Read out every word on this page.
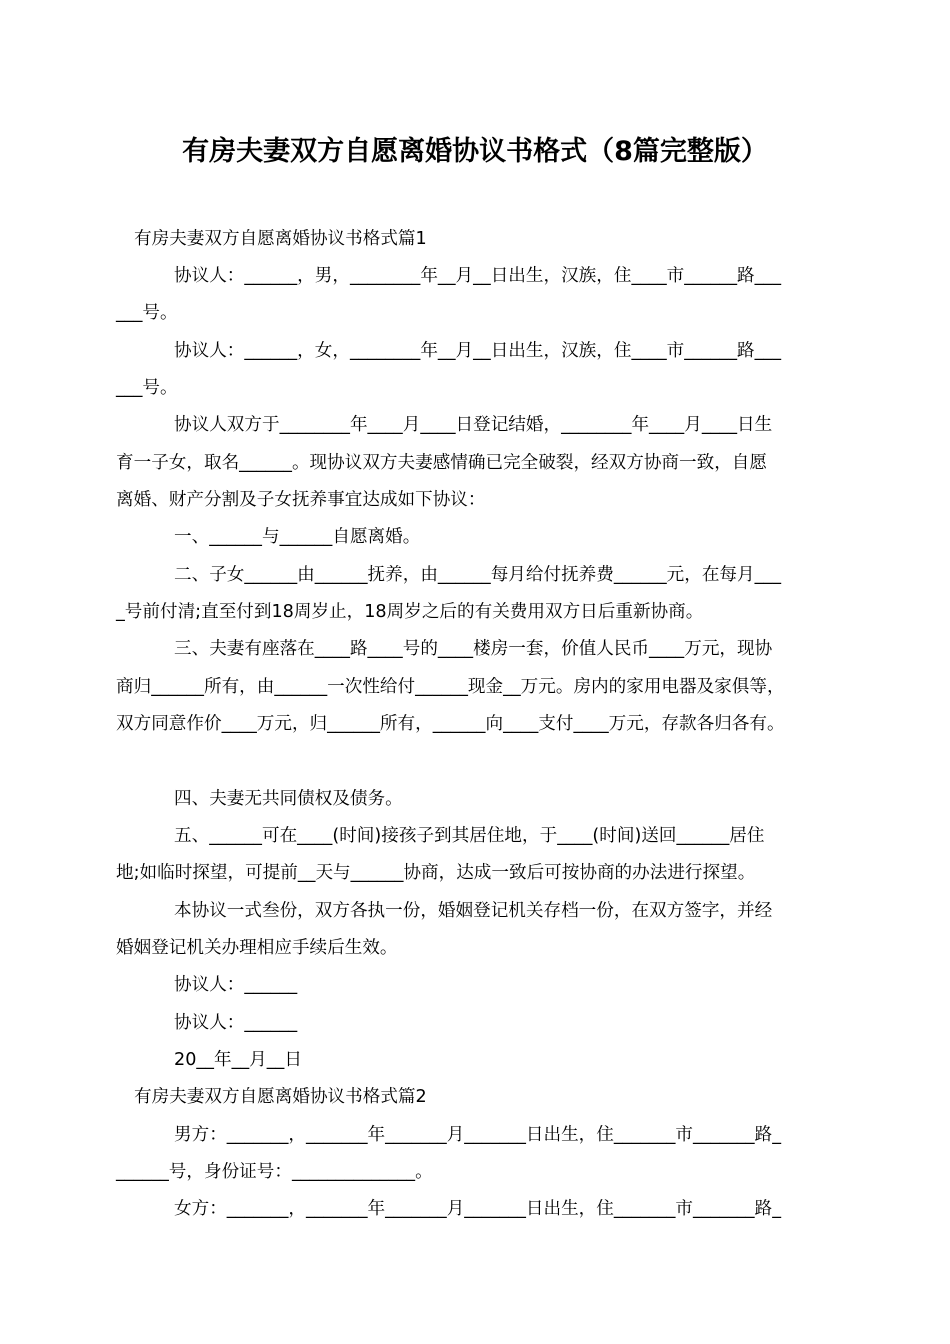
有房夫妻双方自愿离婚协议书格式（8篇完整版）
有房夫妻双方自愿离婚协议书格式篇1
协议人：______，男，________年__月__日出生，汉族，住____市______路___
___号。
协议人：______，女，________年__月__日出生，汉族，住____市______路___
___号。
协议人双方于________年____月____日登记结婚，________年____月____日生
育一子女，取名______。现协议双方夫妻感情确已完全破裂，经双方协商一致，自愿
离婚、财产分割及子女抚养事宜达成如下协议：
一、______与______自愿离婚。
二、子女______由______抚养，由______每月给付抚养费______元，在每月___
_号前付清;直至付到18周岁止，18周岁之后的有关费用双方日后重新协商。
三、夫妻有座落在____路____号的____楼房一套，价值人民币____万元，现协
商归______所有，由______一次性给付______现金__万元。房内的家用电器及家俱等，
双方同意作价____万元，归______所有，______向____支付____万元，存款各归各有。
四、夫妻无共同债权及债务。
五、______可在____(时间)接孩子到其居住地，于____(时间)送回______居住
地;如临时探望，可提前__天与______协商，达成一致后可按协商的办法进行探望。
本协议一式叁份，双方各执一份，婚姻登记机关存档一份，在双方签字，并经
婚姻登记机关办理相应手续后生效。
协议人：______
协议人：______
20__年__月__日
有房夫妻双方自愿离婚协议书格式篇2
男方：_______，_______年_______月_______日出生，住_______市_______路_
______号，身份证号：______________。
女方：_______，_______年_______月_______日出生，住_______市_______路_
